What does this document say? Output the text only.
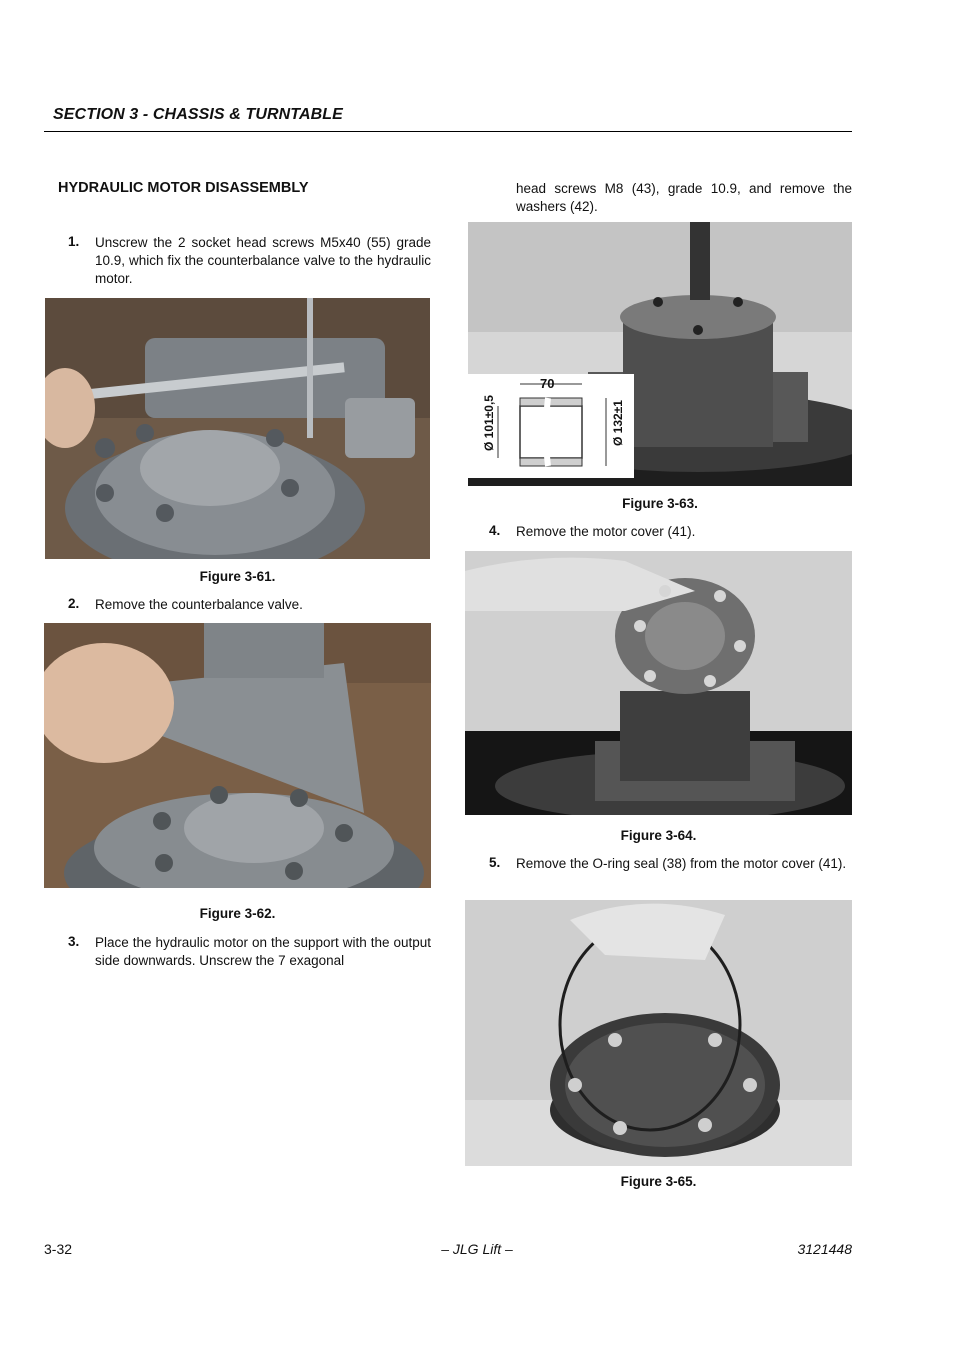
SECTION 3 - CHASSIS & TURNTABLE
HYDRAULIC MOTOR DISASSEMBLY
1. Unscrew the 2 socket head screws M5x40 (55) grade 10.9, which fix the counterbalance valve to the hydraulic motor.
Figure 3-61.
2. Remove the counterbalance valve.
Figure 3-62.
3. Place the hydraulic motor on the support with the output side downwards. Unscrew the 7 exagonal
head screws M8 (43), grade 10.9, and remove the washers (42).
70
Ø 101±0,5	Ø 132±1
Figure 3-63.
4. Remove the motor cover (41).
Figure 3-64.
5. Remove the O-ring seal (38) from the motor cover (41).
Figure 3-65.
3-32	– JLG Lift –	3121448
